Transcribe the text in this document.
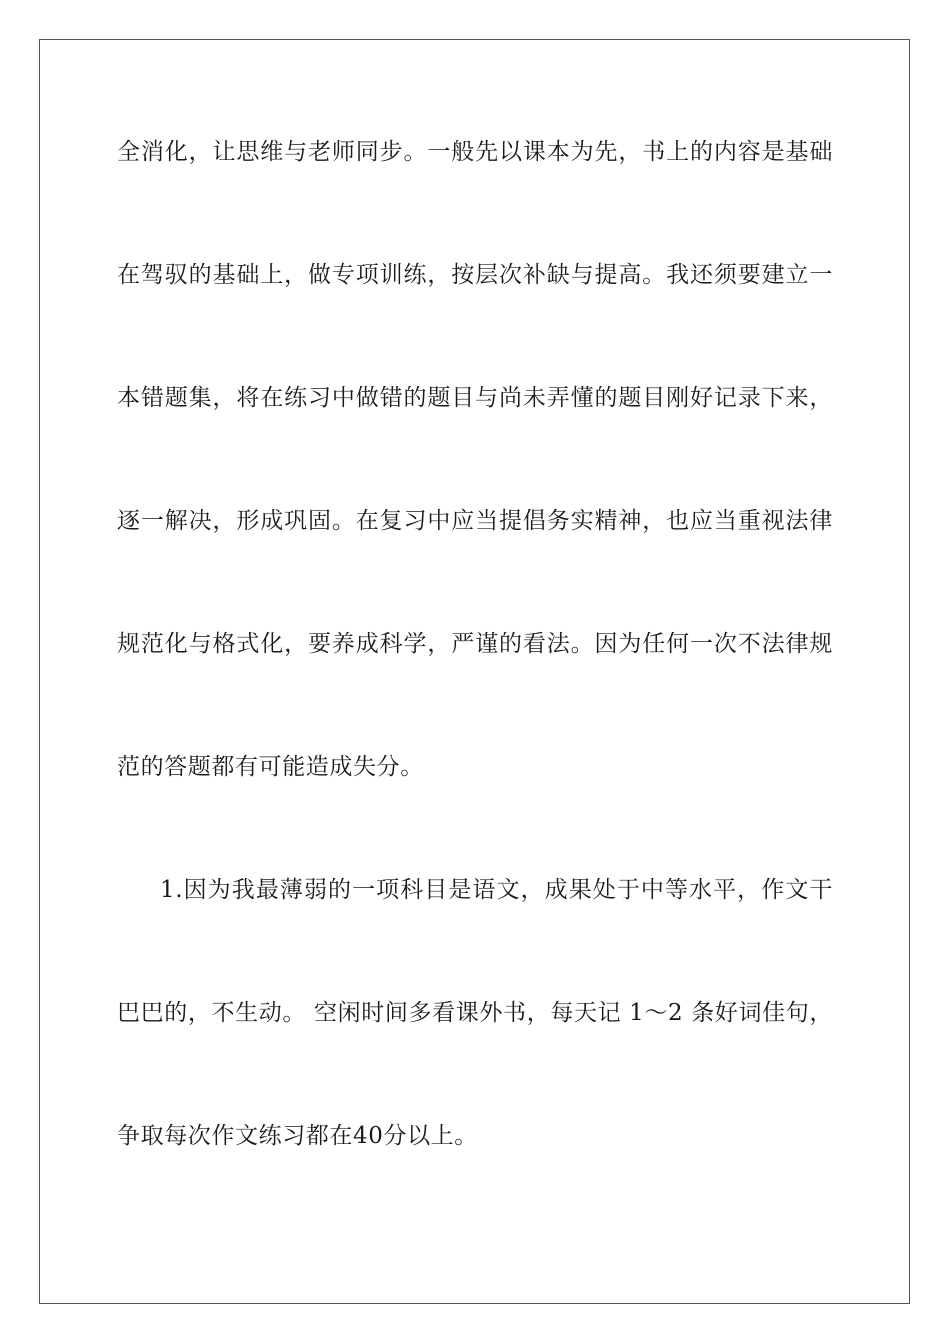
全消化，让思维与老师同步。一般先以课本为先，书上的内容是基础
在驾驭的基础上，做专项训练，按层次补缺与提高。我还须要建立一
本错题集，将在练习中做错的题目与尚未弄懂的题目刚好记录下来，
逐一解决，形成巩固。在复习中应当提倡务实精神，也应当重视法律
规范化与格式化，要养成科学，严谨的看法。因为任何一次不法律规
范的答题都有可能造成失分。
1.因为我最薄弱的一项科目是语文，成果处于中等水平，作文干
巴巴的，不生动。 空闲时间多看课外书，每天记 1～2 条好词佳句，
争取每次作文练习都在40分以上。
